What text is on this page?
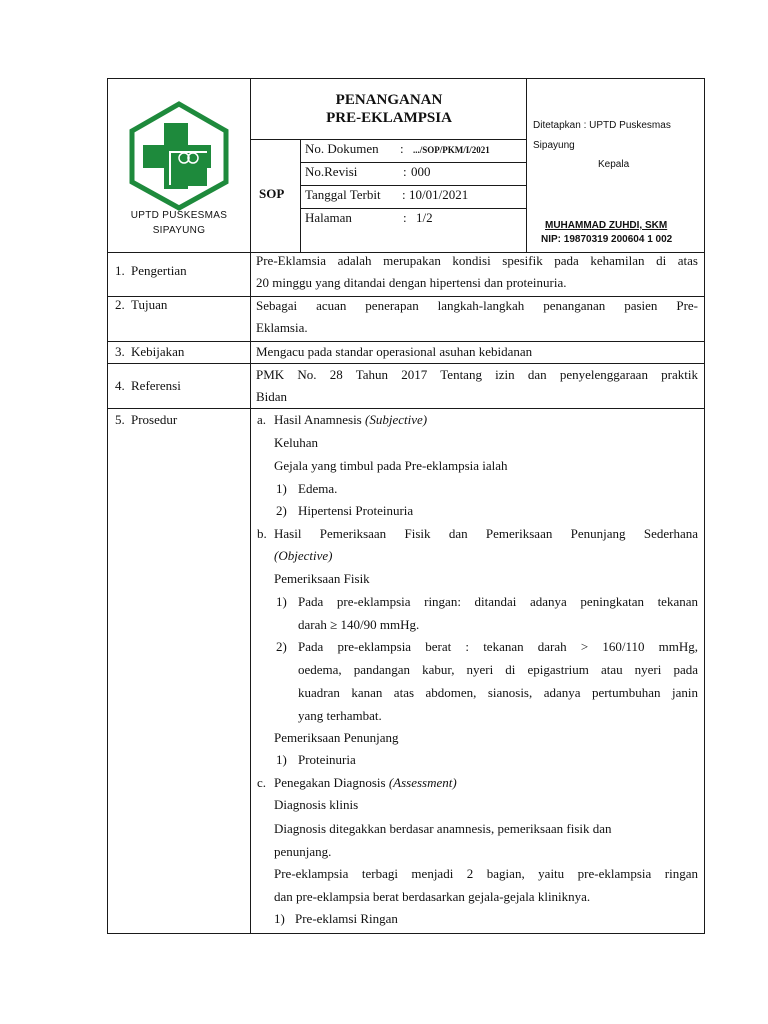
UPTD PUSKESMAS
SIPAYUNG
PENANGANAN
PRE-EKLAMPSIA
SOP
No. Dokumen : .../SOP/PKM/I/2021
No.Revisi	: 000
Tanggal Terbit : 10/01/2021
Halaman	: 1/2
Ditetapkan : UPTD Puskesmas
Sipayung
Kepala
MUHAMMAD ZUHDI, SKM
NIP: 19870319 200604 1 002
1. Pengertian
2. Tujuan
3. Kebijakan
4. Referensi
5. Prosedur
Pre-Eklamsia adalah merupakan kondisi spesifik pada kehamilan di atas
20 minggu yang ditandai dengan hipertensi dan proteinuria.
Sebagai acuan penerapan langkah-langkah penanganan pasien Pre-
Eklamsia.
Mengacu pada standar operasional asuhan kebidanan
PMK No. 28 Tahun 2017 Tentang izin dan penyelenggaraan praktik
Bidan
a. Hasil Anamnesis (Subjective)
Keluhan
Gejala yang timbul pada Pre-eklampsia ialah
1) Edema.
2) Hipertensi Proteinuria
b. Hasil Pemeriksaan Fisik dan Pemeriksaan Penunjang Sederhana
(Objective)
Pemeriksaan Fisik
1) Pada pre-eklampsia ringan: ditandai adanya peningkatan tekanan
darah ≥ 140/90 mmHg.
2) Pada pre-eklampsia berat : tekanan darah > 160/110 mmHg,
oedema, pandangan kabur, nyeri di epigastrium atau nyeri pada
kuadran kanan atas abdomen, sianosis, adanya pertumbuhan janin
yang terhambat.
Pemeriksaan Penunjang
1) Proteinuria
c. Penegakan Diagnosis (Assessment)
Diagnosis klinis
Diagnosis ditegakkan berdasar anamnesis, pemeriksaan fisik dan
penunjang.
Pre-eklampsia terbagi menjadi 2 bagian, yaitu pre-eklampsia ringan
dan pre-eklampsia berat berdasarkan gejala-gejala kliniknya.
1) Pre-eklamsi Ringan
